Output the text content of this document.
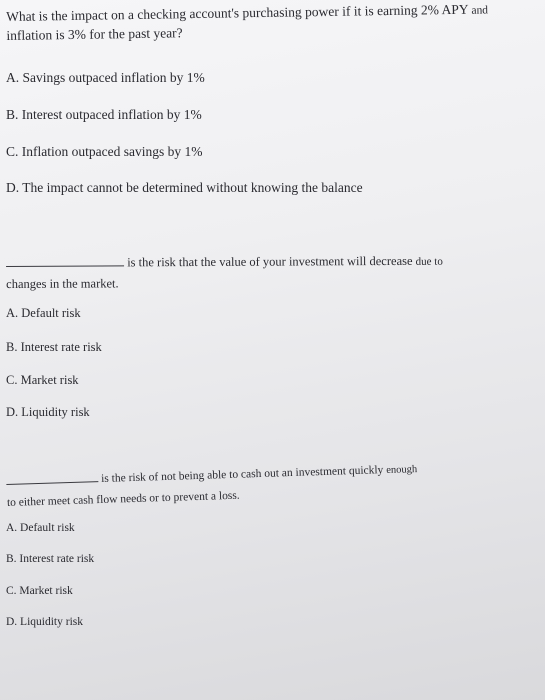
What is the impact on a checking account's purchasing power if it is earning 2% APY and
inflation is 3% for the past year?
A. Savings outpaced inflation by 1%
B. Interest outpaced inflation by 1%
C. Inflation outpaced savings by 1%
D. The impact cannot be determined without knowing the balance
is the risk that the value of your investment will decrease due to
changes in the market.
A. Default risk
B. Interest rate risk
C. Market risk
D. Liquidity risk
is the risk of not being able to cash out an investment quickly enough
to either meet cash flow needs or to prevent a loss.
A. Default risk
B. Interest rate risk
C. Market risk
D. Liquidity risk
